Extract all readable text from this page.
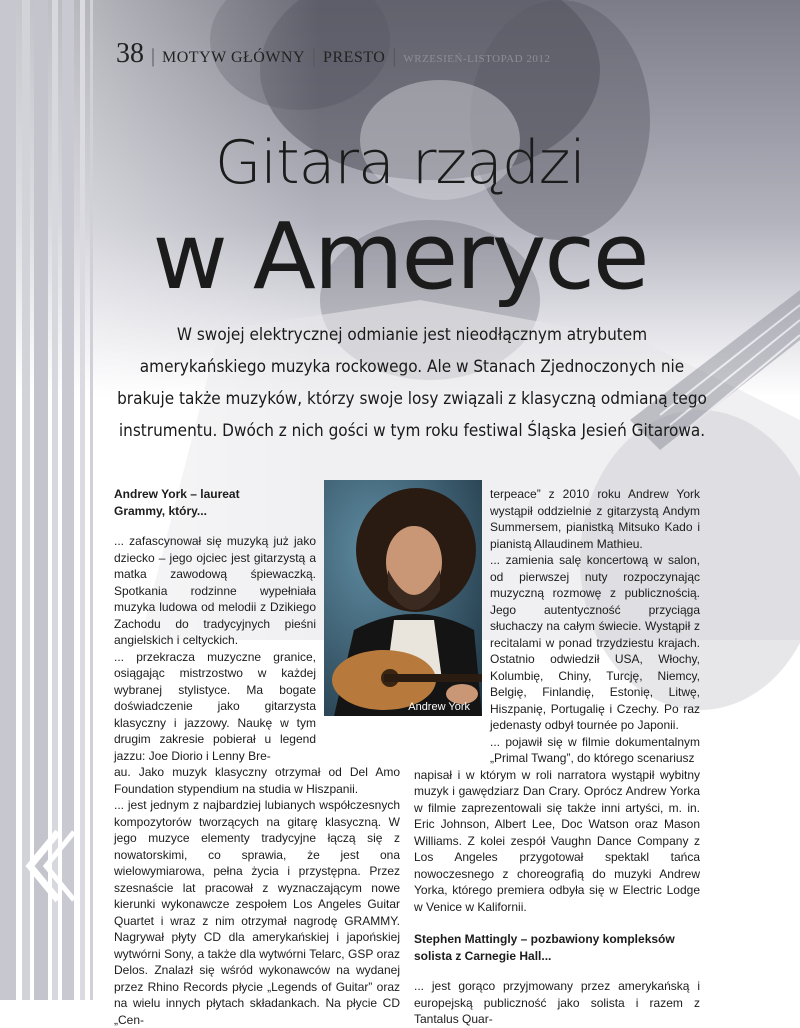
38 | MOTYW GŁÓWNY | PRESTO | WRZESIEŃ-LISTOPAD 2012
Gitara rządzi
w Ameryce
W swojej elektrycznej odmianie jest nieodłącznym atrybutem amerykańskiego muzyka rockowego. Ale w Stanach Zjednoczonych nie brakuje także muzyków, którzy swoje losy związali z klasyczną odmianą tego instrumentu. Dwóch z nich gości w tym roku festiwal Śląska Jesień Gitarowa.
Andrew York – laureat Grammy, który...

... zafascynował się muzyką już jako dziecko – jego ojciec jest gitarzystą a matka zawodową śpiewaczką. Spotkania rodzinne wypełniała muzyka ludowa od melodii z Dzikiego Zachodu do tradycyjnych pieśni angielskich i celtyckich.

... przekracza muzyczne granice, osiągając mistrzostwo w każdej wybranej stylistyce. Ma bogate doświadczenie jako gitarzysta klasyczny i jazzowy. Naukę w tym drugim zakresie pobierał u legend jazzu: Joe Diorio i Lenny Bre-

au. Jako muzyk klasyczny otrzymał od Del Amo Foundation stypendium na studia w Hiszpanii.

... jest jednym z najbardziej lubianych współczesnych kompozytorów tworzących na gitarę klasyczną. W jego muzyce elementy tradycyjne łączą się z nowatorskimi, co sprawia, że jest ona wielowymiarowa, pełna życia i przystępna. Przez szesnaście lat pracował z wyznaczającym nowe kierunki wykonawcze zespołem Los Angeles Guitar Quartet i wraz z nim otrzymał nagrodę GRAMMY. Nagrywał płyty CD dla amerykańskiej i japońskiej wytwórni Sony, a także dla wytwórni Telarc, GSP oraz Delos. Znalazł się wśród wykonawców na wydanej przez Rhino Records płycie „Legends of Guitar” oraz na wielu innych płytach składankach. Na płycie CD „Cen-

Andrew York

terpeace” z 2010 roku Andrew York wystąpił oddzielnie z gitarzystą Andym Summersem, pianistką Mitsuko Kado i pianistą Allaudinem Mathieu.

... zamienia salę koncertową w salon, od pierwszej nuty rozpoczynając muzyczną rozmowę z publicznością. Jego autentyczność przyciąga słuchaczy na całym świecie. Wystąpił z recitalami w ponad trzydziestu krajach. Ostatnio odwiedził USA, Włochy, Kolumbię, Chiny, Turcję, Niemcy, Belgię, Finlandię, Estonię, Litwę, Hiszpanię, Portugalię i Czechy. Po raz jedenasty odbył tournée po Japonii.

... pojawił się w filmie dokumentalnym „Primal Twang”, do którego scenariusz

napisał i w którym w roli narratora wystąpił wybitny muzyk i gawędziarz Dan Crary. Oprócz Andrew Yorka w filmie zaprezentowali się także inni artyści, m. in. Eric Johnson, Albert Lee, Doc Watson oraz Mason Williams. Z kolei zespół Vaughn Dance Company z Los Angeles przygotował spektakl tańca nowoczesnego z choreografią do muzyki Andrew Yorka, którego premiera odbyła się w Electric Lodge w Venice w Kalifornii.

Stephen Mattingly – pozbawiony kompleksów solista z Carnegie Hall...

... jest gorąco przyjmowany przez amerykańską i europejską publiczność jako solista i razem z Tantalus Quar-
